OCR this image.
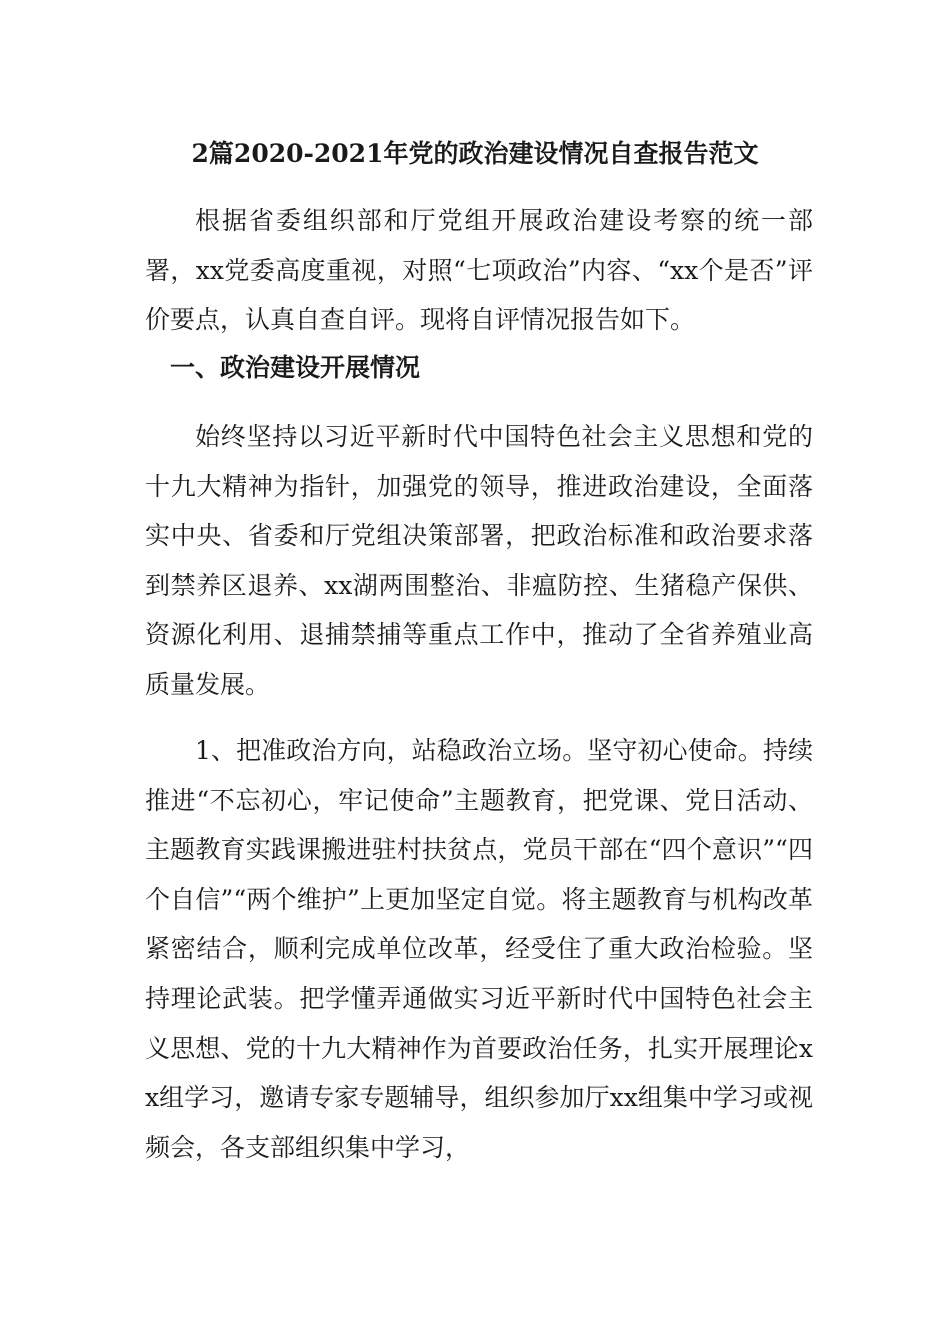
2篇2020-2021年党的政治建设情况自查报告范文

根据省委组织部和厅党组开展政治建设考察的统一部署，xx党委高度重视，对照“七项政治”内容、“xx个是否”评价要点，认真自查自评。现将自评情况报告如下。

一、政治建设开展情况

始终坚持以习近平新时代中国特色社会主义思想和党的十九大精神为指针，加强党的领导，推进政治建设，全面落实中央、省委和厅党组决策部署，把政治标准和政治要求落到禁养区退养、xx湖两围整治、非瘟防控、生猪稳产保供、资源化利用、退捕禁捕等重点工作中，推动了全省养殖业高质量发展。

1、把准政治方向，站稳政治立场。坚守初心使命。持续推进“不忘初心，牢记使命”主题教育，把党课、党日活动、主题教育实践课搬进驻村扶贫点，党员干部在“四个意识”“四个自信”“两个维护”上更加坚定自觉。将主题教育与机构改革紧密结合，顺利完成单位改革，经受住了重大政治检验。坚持理论武装。把学懂弄通做实习近平新时代中国特色社会主义思想、党的十九大精神作为首要政治任务，扎实开展理论xx组学习，邀请专家专题辅导，组织参加厅xx组集中学习或视频会，各支部组织集中学习，
